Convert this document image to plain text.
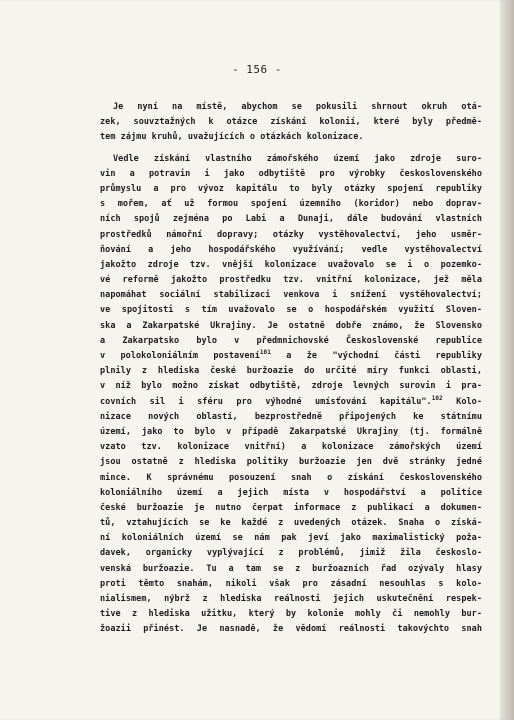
- 156 -
Je nyní na místě, abychom se pokusili shrnout okruh otá-
zek, souvztažných k otázce získání kolonií, které byly předmě-
tem zájmu kruhů, uvažujících o otázkách kolonizace.
Vedle získání vlastního zámořského území jako zdroje suro-
vin a potravin i jako odbytiště pro výrobky československého
průmyslu a pro vývoz kapitálu to byly otázky spojení republiky
s mořem, ať už formou spojení územního (koridor) nebo doprav-
ních spojů zejména po Labi a Dunaji, dále budování vlastních
prostředků námořní dopravy; otázky vystěhovalectví, jeho usměr-
ňování a jeho hospodářského využívání; vedle vystěhovalectví
jakožto zdroje tzv. vnější kolonizace uvažovalo se i o pozemko-
vé reformě jakožto prostředku tzv. vnitřní kolonizace, jež měla
napomáhat sociální stabilizaci venkova i snížení vystěhovalectví;
ve spojitosti s tím uvažovalo se o hospodářském využití Sloven-
ska a Zakarpatské Ukrajiny. Je ostatně dobře známo, že Slovensko
a Zakarpatsko bylo v předmnichovské Československé republice
v polokoloniálním postavení$^{101}$ a že "východní části republiky
plnily z hlediska české buržoazie do určité míry funkci oblasti,
v níž bylo možno získat odbytiště, zdroje levných surovin i pra-
covních sil i sféru pro výhodné umísťování kapitálu".$^{102}$ Kolo-
nizace nových oblastí, bezprostředně připojených ke státnímu
území, jako to bylo v případě Zakarpatské Ukrajiny (tj. formálně
vzato tzv. kolonizace vnitřní) a kolonizace zámořských území
jsou ostatně z hlediska politiky buržoazie jen dvě stránky jedné
mince. K správnému posouzení snah o získání československého
koloniálního území a jejich místa v hospodářství a politice
české buržoazie je nutno čerpat informace z publikací a dokumen-
tů, vztahujících se ke každé z uvedených otázek. Snaha o získá-
ní koloniálních území se nám pak jeví jako maximalistický poža-
davek, organicky vyplývající z problémů, jimiž žila českoslo-
venská buržoazie. Tu a tam se z buržoazních řad ozývaly hlasy
proti těmto snahám, nikoli však pro zásadní nesouhlas s kolo-
nialismem, nýbrž z hlediska reálnosti jejich uskutečnění respek-
tive z hlediska užitku, který by kolonie mohly či nemohly bur-
žoazii přinést. Je nasnadě, že vědomí reálnosti takovýchto snah
